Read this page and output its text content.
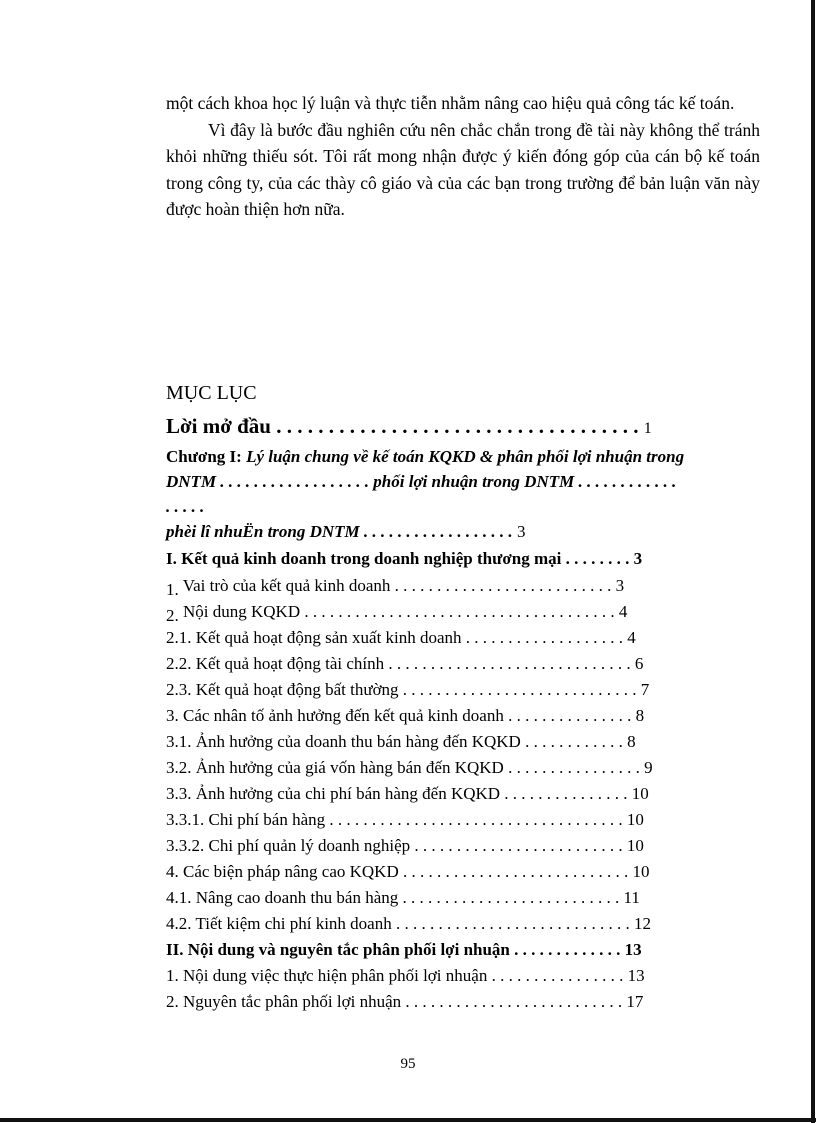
một cách khoa học lý luận và thực tiễn nhằm nâng cao hiệu quả công tác kế toán.

Vì đây là bước đầu nghiên cứu nên chắc chắn trong đề tài này không thể tránh khỏi những thiếu sót. Tôi rất mong nhận được ý kiến đóng góp của cán bộ kế toán trong công ty, của các thày cô giáo và của các bạn trong trường để bản luận văn này được hoàn thiện hơn nữa.

MỤC LỤC

Lời mở đầu . . . . . . . . . . . . . . . . . . . . . . . . . . . . . . . . . . . 1

Chương I: Lý luận chung về kế toán KQKD & phân phối lợi nhuận trong

DNTM . . . . . . . . . . . . . . . . . . phối lợi nhuận trong DNTM . . . . . . . . . . . .

. . . . .

phèi lî nhuËn trong DNTM . . . . . . . . . . . . . . . . . . 3

I. Kết quả kinh doanh trong doanh nghiệp thương mại . . . . . . . . 3

1. Vai trò của kết quả kinh doanh . . . . . . . . . . . . . . . . . . . . . . . . . . 3

2. Nội dung KQKD . . . . . . . . . . . . . . . . . . . . . . . . . . . . . . . . . . . . . 4

2.1. Kết quả hoạt động sản xuất kinh doanh . . . . . . . . . . . . . . . . . . . 4

2.2. Kết quả hoạt động tài chính . . . . . . . . . . . . . . . . . . . . . . . . . . . . . 6

2.3. Kết quả hoạt động bất thường . . . . . . . . . . . . . . . . . . . . . . . . . . . . 7

3. Các nhân tố ảnh hưởng đến kết quả kinh doanh . . . . . . . . . . . . . . . 8

3.1. Ảnh hưởng của doanh thu bán hàng đến KQKD . . . . . . . . . . . . 8

3.2. Ảnh hưởng của giá vốn hàng bán đến KQKD . . . . . . . . . . . . . . . . 9

3.3. Ảnh hưởng của chi phí bán hàng đến KQKD . . . . . . . . . . . . . . . 10

3.3.1. Chi phí bán hàng . . . . . . . . . . . . . . . . . . . . . . . . . . . . . . . . . . . 10

3.3.2. Chi phí quản lý doanh nghiệp . . . . . . . . . . . . . . . . . . . . . . . . . 10

4. Các biện pháp nâng cao KQKD . . . . . . . . . . . . . . . . . . . . . . . . . . . 10

4.1. Nâng cao doanh thu bán hàng . . . . . . . . . . . . . . . . . . . . . . . . . . 11

4.2. Tiết kiệm chi phí kinh doanh . . . . . . . . . . . . . . . . . . . . . . . . . . . . 12

II. Nội dung và nguyên tắc phân phối lợi nhuận . . . . . . . . . . . . . 13

1. Nội dung việc thực hiện phân phối lợi nhuận . . . . . . . . . . . . . . . . 13

2. Nguyên tắc phân phối lợi nhuận . . . . . . . . . . . . . . . . . . . . . . . . . . 17

95
